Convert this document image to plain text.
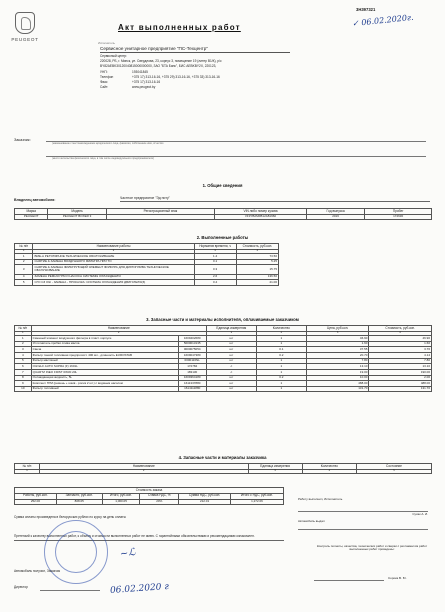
PEUGEOT
3Н397321
✓ 06.02.2020г.
Акт выполненных работ
Исполнитель
Сервисное унитарное предприятие "ПС-Техцентр"
Сервисный центр:
220028, РБ, г. Минск, ул. Свердлова, 23, корпус 3, помещение 19 (литер В1/К), р/с
BY82AEBK30120040815000000000, ЗАО "БТА Банк", БИС AEBKBY2X, 220123,
УНП:	193041845
Телефон	+375 17) 313-16-16, +375 29) 313-16-16, +375 33) 313-16-16
Факс:	+375 17) 313-16-16
Сайт:	www.peugeot.by
Заказчик:
(наименование с местонахождением юридического лица, фамилия, собственное имя, отчество
(место жительства физического лица, в том числе индивидуального предпринимателя)
1. Общие сведения
Владелец автомобиля:	Частное предприятие "Эд питу"
Марка	Модель	Регистрационный знак	VIN либо номер кузова	Год выпуска	Пробег
PEUGEOT	PEUGEOT BOXER 3		VF3YB2MFB12A81960	2016	172630
2. Выполненные работы
№ п/п	Наименование работы	Норматив времени, ч	Стоимость, руб.коп.
1	2	3	4
1	ВМЕ-А РЕГУЛЯРНОЕ ТЕХНИЧЕСКОЕ ОБСЛУЖИВАНИЕ	1.4	73.50
2	СНЯТИЕ & ЗАМЕНА ВОЗДУШНОГО ФИЛЬТРА ПРИ ТО	0.1	5.25
3	СНЯТИЕ & ЗАМЕНА ФИЛЬТРУЮЩИЙ ЭЛЕМЕНТ ФИЛЬТРА ДЛЯ ДИЗТОПЛИВА ТЕХНИЧЕСКОЕ ОБСЛУЖИВАНИЕ	0.3	15.75
4	ЗАМЕНА РЕМНЯ ГРМ И НАСОСА СИСТЕМЫ ОХЛАЖДЕНИЯ	2.6	136.50
5	СГО СЗ ОЖ - ЗАМЕНА - ПРОКАЧКА: СИСТЕМА ОХЛАЖДЕНИЯ ДВИГАТЕЛЯ(З)	0.4	21.00
3. Запасные части и материалы исполнителя, оплачиваемые заказчиком
№ п/п	Наименование		Единица измерения	Количество	Цена, руб.коп.	Стоимость, руб.коп.
1	2		3	4	5	6
1	Сменный элемент воздушного фильтра в пласт. корпусе	1609402680	шт	1	46.90	46.90
2	Уплотнитель пробки слива масла	5000013135	шт	1	1.60	1.60
3	Свеча	0000075054	шт	0.1	37.55	3.76
4	Фильтр тонкой топливная предпрочист. 400 мл., длинность EUROSTAB	1609047380	шт	0.2	20.70	4.14
5	Фильтр масляный	0000116NL	шт	1	7.80	7.80
6	ОЖ ELF AUTO SUPRA (fr) 1601L	172784	л	1	13.10	13.10
7	QUARTZ INEO FIRST 0W30 20L	183130	л	1	19.00	190.00
8	Охлаждающая жидкость, 5L	1609364180	шт	0.2	10.00	2.00
9	Комплект ГРМ (ремень + шкив - ролик 2 шт.) с водяным насосом	1611337880	шт	1	488.00	488.00
10	Фильтр топливный	1614111880	шт	1	131.70	131.70
4. Запасные части и материалы заказчика
№ п/п	Наименование	Единица измерения	Количество	Состояние
1	2	3	4	5
Стоимость заказа					
Работы, руб.коп.	Запчасти, руб.коп.	Итого, руб.коп.	Ставка НДС, %	Сумма НДС, руб.коп.	Итого с НДС, руб.коп.
252.00	808.05	1,060.05	20%	212.01	1,272.06
Работу выполнил, Исполнитель
Сухак А. И.
Автомобиль выдал
Сумма оплаты произведена в белорусских рублях по курсу на день оплаты
Претензий к качеству выполненных работ, к объему и стоимости выполненных работ не имею. С гарантийными обязательствами и рекомендациями ознакомлен.
~ℒ
Автомобиль получил, Заказчик
Директор	06.02.2020 г
Контроль полноты, качества, технических работ и сверки с регламентом работ выполненных работ проведены:
Сорока В. Ю.
